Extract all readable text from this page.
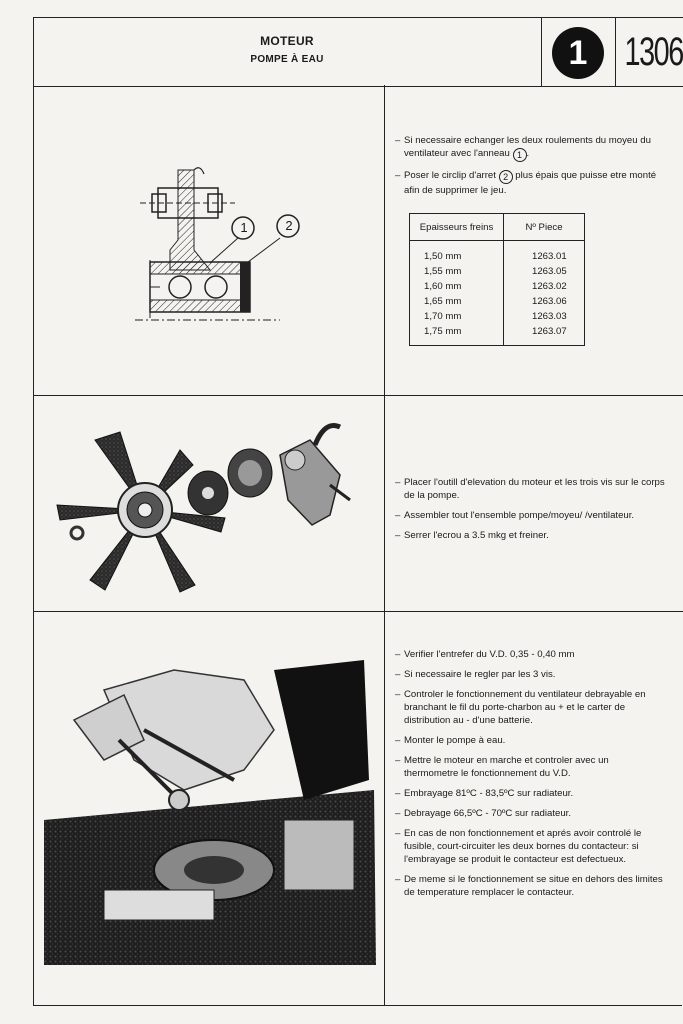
MOTEUR
POMPE À EAU	1 1306
1	2

– Si necessaire echanger les deux roulements du moyeu du ventilateur avec l'anneau 1 .

– Poser le circlip d'arret 2 plus épais que puisse etre monté afin de supprimer le jeu.

Epaisseurs freins	Nº Piece
1,50 mm	1263.01
1,55 mm	1263.05
1,60 mm	1263.02
1,65 mm	1263.06
1,70 mm	1263.03
1,75 mm	1263.07

– Placer l'outill d'elevation du moteur et les trois vis sur le corps de la pompe.

– Assembler tout l'ensemble pompe/moyeu/ /ventilateur.

– Serrer l'ecrou a 3.5 mkg et freiner.

– Verifier l'entrefer du V.D. 0,35 - 0,40 mm

– Si necessaire le regler par les 3 vis.

– Controler le fonctionnement du ventilateur debrayable en branchant le fil du porte-charbon au + et le carter de distribution au - d'une batterie.

– Monter le pompe à eau.

– Mettre le moteur en marche et controler avec un thermometre le fonctionnement du V.D.

– Embrayage 81ºC - 83,5ºC sur radiateur.

– Debrayage 66,5ºC - 70ºC sur radiateur.

– En cas de non fonctionnement et aprés avoir controlé le fusible, court-circuiter les deux bornes du contacteur: si l'embrayage se produit le contacteur est defectueux.

– De meme si le fonctionnement se situe en dehors des limites de temperature remplacer le contacteur.
